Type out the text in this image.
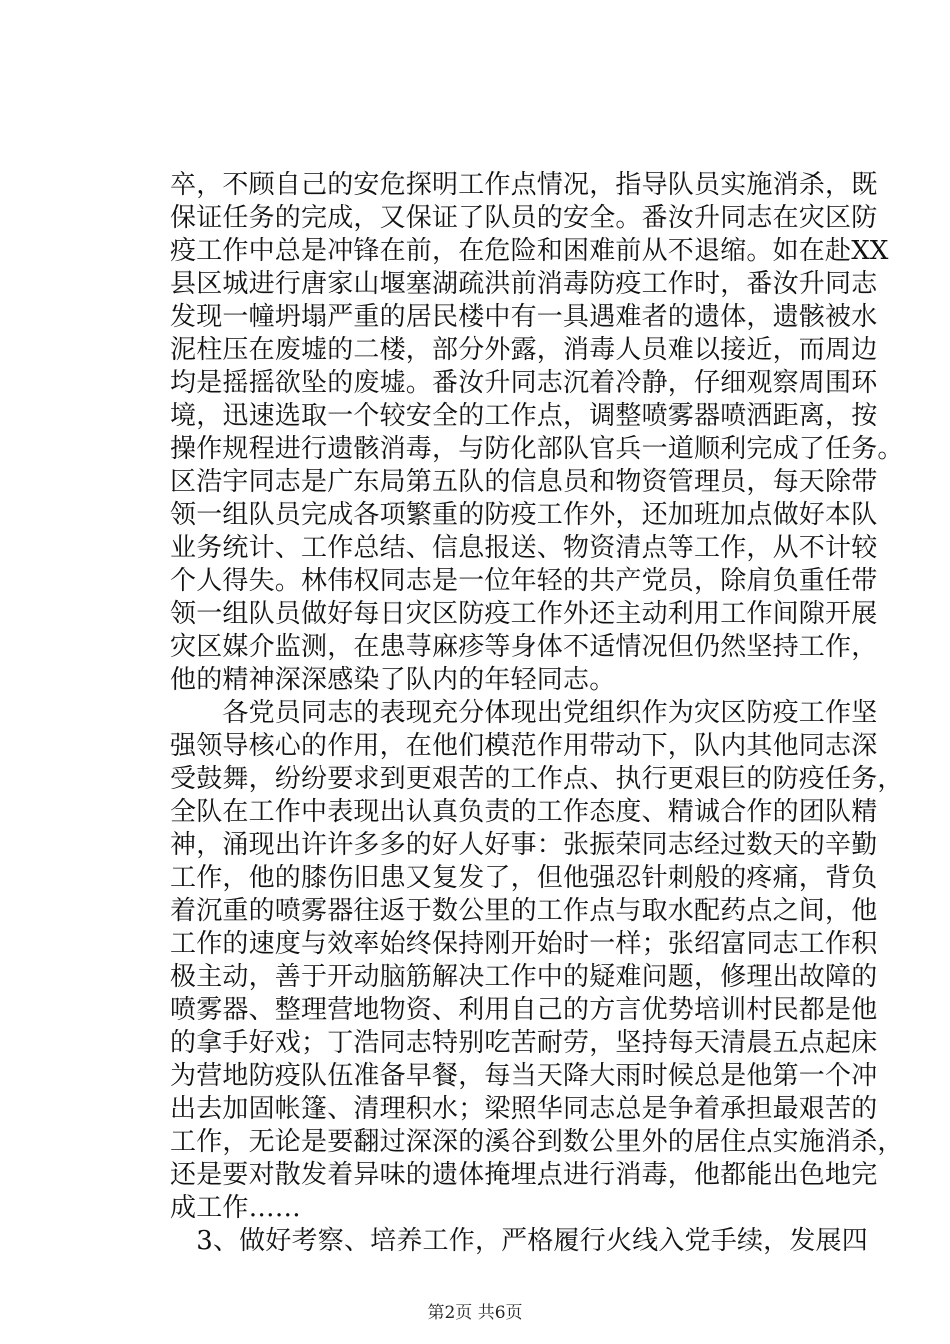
卒，不顾自己的安危探明工作点情况，指导队员实施消杀，既
保证任务的完成，又保证了队员的安全。番汝升同志在灾区防
疫工作中总是冲锋在前，在危险和困难前从不退缩。如在赴XX
县区城进行唐家山堰塞湖疏洪前消毒防疫工作时，番汝升同志
发现一幢坍塌严重的居民楼中有一具遇难者的遗体，遗骸被水
泥柱压在废墟的二楼，部分外露，消毒人员难以接近，而周边
均是摇摇欲坠的废墟。番汝升同志沉着冷静，仔细观察周围环
境，迅速选取一个较安全的工作点，调整喷雾器喷洒距离，按
操作规程进行遗骸消毒，与防化部队官兵一道顺利完成了任务。
区浩宇同志是广东局第五队的信息员和物资管理员，每天除带
领一组队员完成各项繁重的防疫工作外，还加班加点做好本队
业务统计、工作总结、信息报送、物资清点等工作，从不计较
个人得失。林伟权同志是一位年轻的共产党员，除肩负重任带
领一组队员做好每日灾区防疫工作外还主动利用工作间隙开展
灾区媒介监测，在患荨麻疹等身体不适情况但仍然坚持工作，
他的精神深深感染了队内的年轻同志。
　　各党员同志的表现充分体现出党组织作为灾区防疫工作坚
强领导核心的作用，在他们模范作用带动下，队内其他同志深
受鼓舞，纷纷要求到更艰苦的工作点、执行更艰巨的防疫任务，
全队在工作中表现出认真负责的工作态度、精诚合作的团队精
神，涌现出许许多多的好人好事：张振荣同志经过数天的辛勤
工作，他的膝伤旧患又复发了，但他强忍针刺般的疼痛，背负
着沉重的喷雾器往返于数公里的工作点与取水配药点之间，他
工作的速度与效率始终保持刚开始时一样；张绍富同志工作积
极主动，善于开动脑筋解决工作中的疑难问题，修理出故障的
喷雾器、整理营地物资、利用自己的方言优势培训村民都是他
的拿手好戏；丁浩同志特别吃苦耐劳，坚持每天清晨五点起床
为营地防疫队伍准备早餐，每当天降大雨时候总是他第一个冲
出去加固帐篷、清理积水；梁照华同志总是争着承担最艰苦的
工作，无论是要翻过深深的溪谷到数公里外的居住点实施消杀，
还是要对散发着异味的遗体掩埋点进行消毒，他都能出色地完
成工作……
　3、做好考察、培养工作，严格履行火线入党手续，发展四
第2页 共6页
